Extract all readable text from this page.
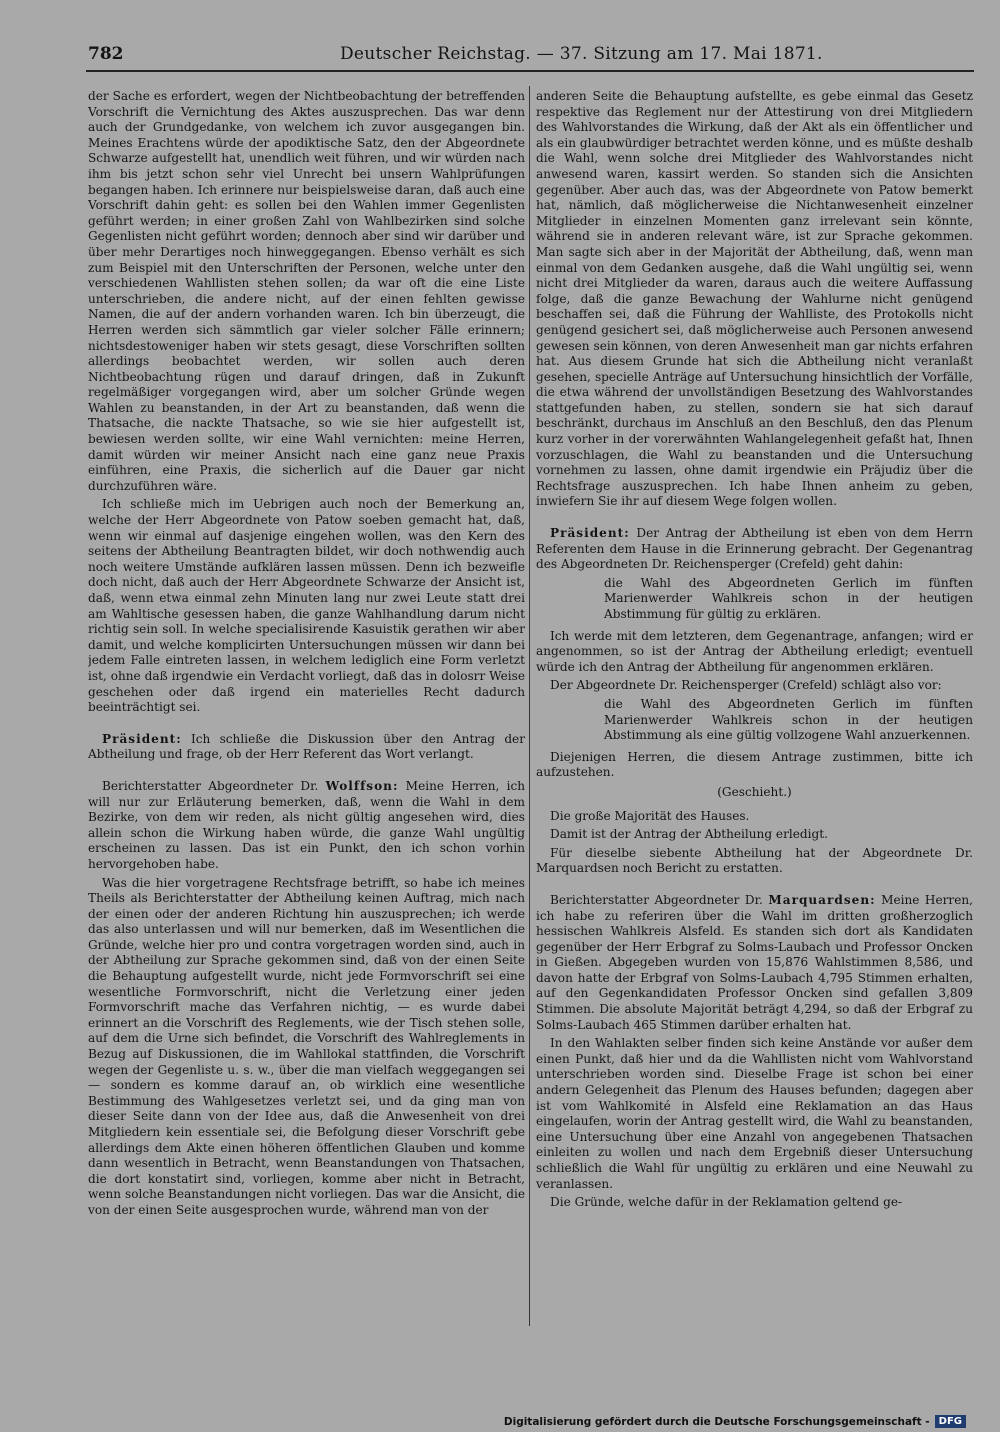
782	Deutscher Reichstag. — 37. Sitzung am 17. Mai 1871.

der Sache es erfordert, wegen der Nichtbeobachtung der betreffenden Vorschrift die Vernichtung des Aktes auszusprechen. Das war denn auch der Grundgedanke, von welchem ich zuvor ausgegangen bin. Meines Erachtens würde der apodiktische Satz, den der Abgeordnete Schwarze aufgestellt hat, unendlich weit führen, und wir würden nach ihm bis jetzt schon sehr viel Unrecht bei unsern Wahlprüfungen begangen haben. Ich erinnere nur beispielsweise daran, daß auch eine Vorschrift dahin geht: es sollen bei den Wahlen immer Gegenlisten geführt werden; in einer großen Zahl von Wahlbezirken sind solche Gegenlisten nicht geführt worden; dennoch aber sind wir darüber und über mehr Derartiges noch hinweggegangen. Ebenso verhält es sich zum Beispiel mit den Unterschriften der Personen, welche unter den verschiedenen Wahllisten stehen sollen; da war oft die eine Liste unterschrieben, die andere nicht, auf der einen fehlten gewisse Namen, die auf der andern vorhanden waren. Ich bin überzeugt, die Herren werden sich sämmtlich gar vieler solcher Fälle erinnern; nichtsdestoweniger haben wir stets gesagt, diese Vorschriften sollten allerdings beobachtet werden, wir sollen auch deren Nichtbeobachtung rügen und darauf dringen, daß in Zukunft regelmäßiger vorgegangen wird, aber um solcher Gründe wegen Wahlen zu beanstanden, in der Art zu beanstanden, daß wenn die Thatsache, die nackte Thatsache, so wie sie hier aufgestellt ist, bewiesen werden sollte, wir eine Wahl vernichten: meine Herren, damit würden wir meiner Ansicht nach eine ganz neue Praxis einführen, eine Praxis, die sicherlich auf die Dauer gar nicht durchzuführen wäre.

Ich schließe mich im Uebrigen auch noch der Bemerkung an, welche der Herr Abgeordnete von Patow soeben gemacht hat, daß, wenn wir einmal auf dasjenige eingehen wollen, was den Kern des seitens der Abtheilung Beantragten bildet, wir doch nothwendig auch noch weitere Umstände aufklären lassen müssen. Denn ich bezweifle doch nicht, daß auch der Herr Abgeordnete Schwarze der Ansicht ist, daß, wenn etwa einmal zehn Minuten lang nur zwei Leute statt drei am Wahltische gesessen haben, die ganze Wahlhandlung darum nicht richtig sein soll. In welche specialisirende Kasuistik gerathen wir aber damit, und welche komplicirten Untersuchungen müssen wir dann bei jedem Falle eintreten lassen, in welchem lediglich eine Form verletzt ist, ohne daß irgendwie ein Verdacht vorliegt, daß das in dolosrr Weise geschehen oder daß irgend ein materielles Recht dadurch beeinträchtigt sei.

Präsident: Ich schließe die Diskussion über den Antrag der Abtheilung und frage, ob der Herr Referent das Wort verlangt.

Berichterstatter Abgeordneter Dr. Wolffson: Meine Herren, ich will nur zur Erläuterung bemerken, daß, wenn die Wahl in dem Bezirke, von dem wir reden, als nicht gültig angesehen wird, dies allein schon die Wirkung haben würde, die ganze Wahl ungültig erscheinen zu lassen. Das ist ein Punkt, den ich schon vorhin hervorgehoben habe.

Was die hier vorgetragene Rechtsfrage betrifft, so habe ich meines Theils als Berichterstatter der Abtheilung keinen Auftrag, mich nach der einen oder der anderen Richtung hin auszusprechen; ich werde das also unterlassen und will nur bemerken, daß im Wesentlichen die Gründe, welche hier pro und contra vorgetragen worden sind, auch in der Abtheilung zur Sprache gekommen sind, daß von der einen Seite die Behauptung aufgestellt wurde, nicht jede Formvorschrift sei eine wesentliche Formvorschrift, nicht die Verletzung einer jeden Formvorschrift mache das Verfahren nichtig, — es wurde dabei erinnert an die Vorschrift des Reglements, wie der Tisch stehen solle, auf dem die Urne sich befindet, die Vorschrift des Wahlreglements in Bezug auf Diskussionen, die im Wahllokal stattfinden, die Vorschrift wegen der Gegenliste u. s. w., über die man vielfach weggegangen sei — sondern es komme darauf an, ob wirklich eine wesentliche Bestimmung des Wahlgesetzes verletzt sei, und da ging man von dieser Seite dann von der Idee aus, daß die Anwesenheit von drei Mitgliedern kein essentiale sei, die Befolgung dieser Vorschrift gebe allerdings dem Akte einen höheren öffentlichen Glauben und komme dann wesentlich in Betracht, wenn Beanstandungen von Thatsachen, die dort konstatirt sind, vorliegen, komme aber nicht in Betracht, wenn solche Beanstandungen nicht vorliegen. Das war die Ansicht, die von der einen Seite ausgesprochen wurde, während man von der

anderen Seite die Behauptung aufstellte, es gebe einmal das Gesetz respektive das Reglement nur der Attestirung von drei Mitgliedern des Wahlvorstandes die Wirkung, daß der Akt als ein öffentlicher und als ein glaubwürdiger betrachtet werden könne, und es müßte deshalb die Wahl, wenn solche drei Mitglieder des Wahlvorstandes nicht anwesend waren, kassirt werden. So standen sich die Ansichten gegenüber. Aber auch das, was der Abgeordnete von Patow bemerkt hat, nämlich, daß möglicherweise die Nichtanwesenheit einzelner Mitglieder in einzelnen Momenten ganz irrelevant sein könnte, während sie in anderen relevant wäre, ist zur Sprache gekommen. Man sagte sich aber in der Majorität der Abtheilung, daß, wenn man einmal von dem Gedanken ausgehe, daß die Wahl ungültig sei, wenn nicht drei Mitglieder da waren, daraus auch die weitere Auffassung folge, daß die ganze Bewachung der Wahlurne nicht genügend beschaffen sei, daß die Führung der Wahlliste, des Protokolls nicht genügend gesichert sei, daß möglicherweise auch Personen anwesend gewesen sein können, von deren Anwesenheit man gar nichts erfahren hat. Aus diesem Grunde hat sich die Abtheilung nicht veranlaßt gesehen, specielle Anträge auf Untersuchung hinsichtlich der Vorfälle, die etwa während der unvollständigen Besetzung des Wahlvorstandes stattgefunden haben, zu stellen, sondern sie hat sich darauf beschränkt, durchaus im Anschluß an den Beschluß, den das Plenum kurz vorher in der vorerwähnten Wahlangelegenheit gefaßt hat, Ihnen vorzuschlagen, die Wahl zu beanstanden und die Untersuchung vornehmen zu lassen, ohne damit irgendwie ein Präjudiz über die Rechtsfrage auszusprechen. Ich habe Ihnen anheim zu geben, inwiefern Sie ihr auf diesem Wege folgen wollen.

Präsident: Der Antrag der Abtheilung ist eben von dem Herrn Referenten dem Hause in die Erinnerung gebracht. Der Gegenantrag des Abgeordneten Dr. Reichensperger (Crefeld) geht dahin:

die Wahl des Abgeordneten Gerlich im fünften Marienwerder Wahlkreis schon in der heutigen Abstimmung für gültig zu erklären.

Ich werde mit dem letzteren, dem Gegenantrage, anfangen; wird er angenommen, so ist der Antrag der Abtheilung erledigt; eventuell würde ich den Antrag der Abtheilung für angenommen erklären.

Der Abgeordnete Dr. Reichensperger (Crefeld) schlägt also vor:

die Wahl des Abgeordneten Gerlich im fünften Marienwerder Wahlkreis schon in der heutigen Abstimmung als eine gültig vollzogene Wahl anzuerkennen.

Diejenigen Herren, die diesem Antrage zustimmen, bitte ich aufzustehen.

(Geschieht.)

Die große Majorität des Hauses.

Damit ist der Antrag der Abtheilung erledigt.

Für dieselbe siebente Abtheilung hat der Abgeordnete Dr. Marquardsen noch Bericht zu erstatten.

Berichterstatter Abgeordneter Dr. Marquardsen: Meine Herren, ich habe zu referiren über die Wahl im dritten großherzoglich hessischen Wahlkreis Alsfeld. Es standen sich dort als Kandidaten gegenüber der Herr Erbgraf zu Solms-Laubach und Professor Oncken in Gießen. Abgegeben wurden von 15,876 Wahlstimmen 8,586, und davon hatte der Erbgraf von Solms-Laubach 4,795 Stimmen erhalten, auf den Gegenkandidaten Professor Oncken sind gefallen 3,809 Stimmen. Die absolute Majorität beträgt 4,294, so daß der Erbgraf zu Solms-Laubach 465 Stimmen darüber erhalten hat.

In den Wahlakten selber finden sich keine Anstände vor außer dem einen Punkt, daß hier und da die Wahllisten nicht vom Wahlvorstand unterschrieben worden sind. Dieselbe Frage ist schon bei einer andern Gelegenheit das Plenum des Hauses befunden; dagegen aber ist vom Wahlkomité in Alsfeld eine Reklamation an das Haus eingelaufen, worin der Antrag gestellt wird, die Wahl zu beanstanden, eine Untersuchung über eine Anzahl von angegebenen Thatsachen einleiten zu wollen und nach dem Ergebniß dieser Untersuchung schließlich die Wahl für ungültig zu erklären und eine Neuwahl zu veranlassen.

Die Gründe, welche dafür in der Reklamation geltend ge-

Digitalisierung gefördert durch die Deutsche Forschungsgemeinschaft - DFG
